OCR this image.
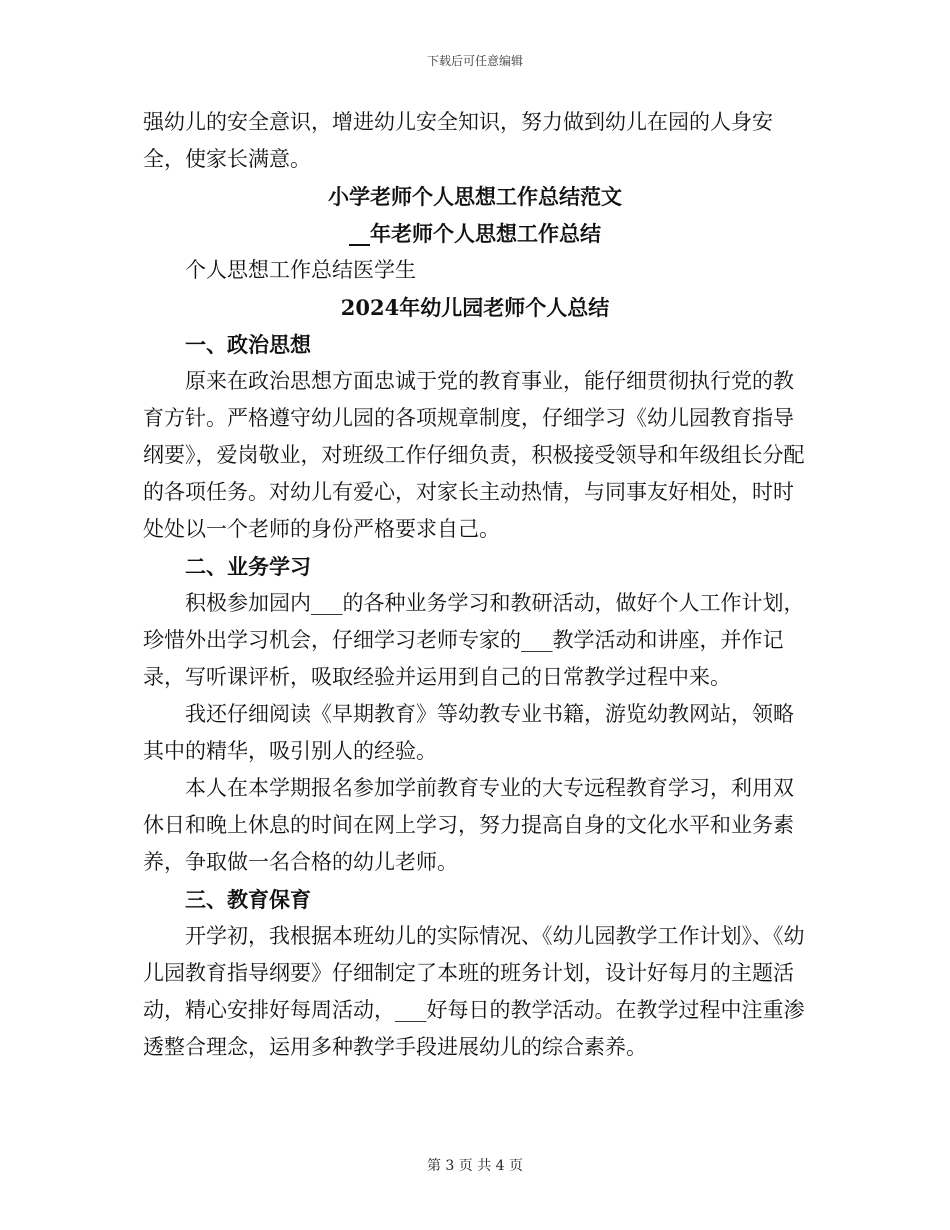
下载后可任意编辑

强幼儿的安全意识，增进幼儿安全知识，努力做到幼儿在园的人身安全，使家长满意。

小学老师个人思想工作总结范文

__年老师个人思想工作总结

个人思想工作总结医学生

2024年幼儿园老师个人总结

一、政治思想

原来在政治思想方面忠诚于党的教育事业，能仔细贯彻执行党的教育方针。严格遵守幼儿园的各项规章制度，仔细学习《幼儿园教育指导纲要》，爱岗敬业，对班级工作仔细负责，积极接受领导和年级组长分配的各项任务。对幼儿有爱心，对家长主动热情，与同事友好相处，时时处处以一个老师的身份严格要求自己。

二、业务学习

积极参加园内___的各种业务学习和教研活动，做好个人工作计划，珍惜外出学习机会，仔细学习老师专家的___教学活动和讲座，并作记录，写听课评析，吸取经验并运用到自己的日常教学过程中来。

我还仔细阅读《早期教育》等幼教专业书籍，游览幼教网站，领略其中的精华，吸引别人的经验。

本人在本学期报名参加学前教育专业的大专远程教育学习，利用双休日和晚上休息的时间在网上学习，努力提高自身的文化水平和业务素养，争取做一名合格的幼儿老师。

三、教育保育

开学初，我根据本班幼儿的实际情况、《幼儿园教学工作计划》、《幼儿园教育指导纲要》仔细制定了本班的班务计划，设计好每月的主题活动，精心安排好每周活动，___好每日的教学活动。在教学过程中注重渗透整合理念，运用多种教学手段进展幼儿的综合素养。

第 3 页 共 4 页
